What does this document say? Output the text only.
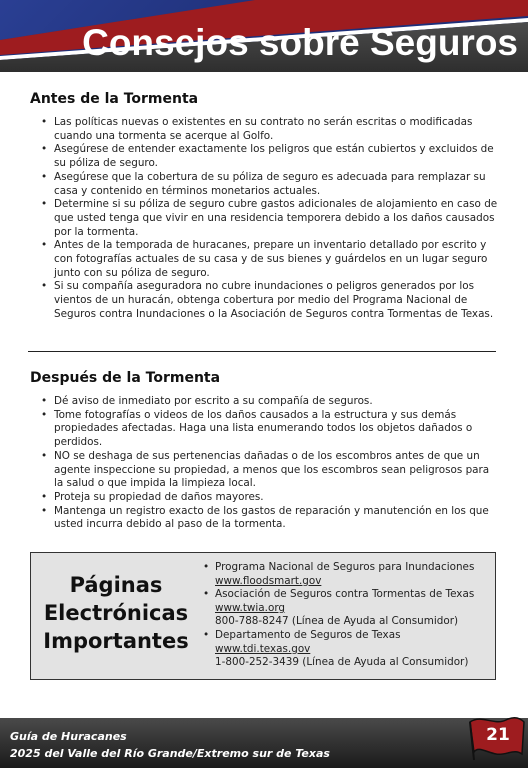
Consejos sobre Seguros
Antes de la Tormenta
• Las políticas nuevas o existentes en su contrato no serán escritas o modificadas cuando una tormenta se acerque al Golfo.
• Asegúrese de entender exactamente los peligros que están cubiertos y excluidos de su póliza de seguro.
• Asegúrese que la cobertura de su póliza de seguro es adecuada para remplazar su casa y contenido en términos monetarios actuales.
• Determine si su póliza de seguro cubre gastos adicionales de alojamiento en caso de que usted tenga que vivir en una residencia temporera debido a los daños causados por la tormenta.
• Antes de la temporada de huracanes, prepare un inventario detallado por escrito y con fotografías actuales de su casa y de sus bienes y guárdelos en un lugar seguro junto con su póliza de seguro.
• Si su compañía aseguradora no cubre inundaciones o peligros generados por los vientos de un huracán, obtenga cobertura por medio del Programa Nacional de Seguros contra Inundaciones o la Asociación de Seguros contra Tormentas de Texas.
Después de la Tormenta
• Dé aviso de inmediato por escrito a su compañía de seguros.
• Tome fotografías o videos de los daños causados a la estructura y sus demás propiedades afectadas. Haga una lista enumerando todos los objetos dañados o perdidos.
• NO se deshaga de sus pertenencias dañadas o de los escombros antes de que un agente inspeccione su propiedad, a menos que los escombros sean peligrosos para la salud o que impida la limpieza local.
• Proteja su propiedad de daños mayores.
• Mantenga un registro exacto de los gastos de reparación y manutención en los que usted incurra debido al paso de la tormenta.
Páginas
Electrónicas
Importantes
• Programa Nacional de Seguros para Inundaciones
www.floodsmart.gov
• Asociación de Seguros contra Tormentas de Texas
www.twia.org
800-788-8247 (Línea de Ayuda al Consumidor)
• Departamento de Seguros de Texas
www.tdi.texas.gov
1-800-252-3439 (Línea de Ayuda al Consumidor)
Guía de Huracanes
2025 del Valle del Río Grande/Extremo sur de Texas
21
